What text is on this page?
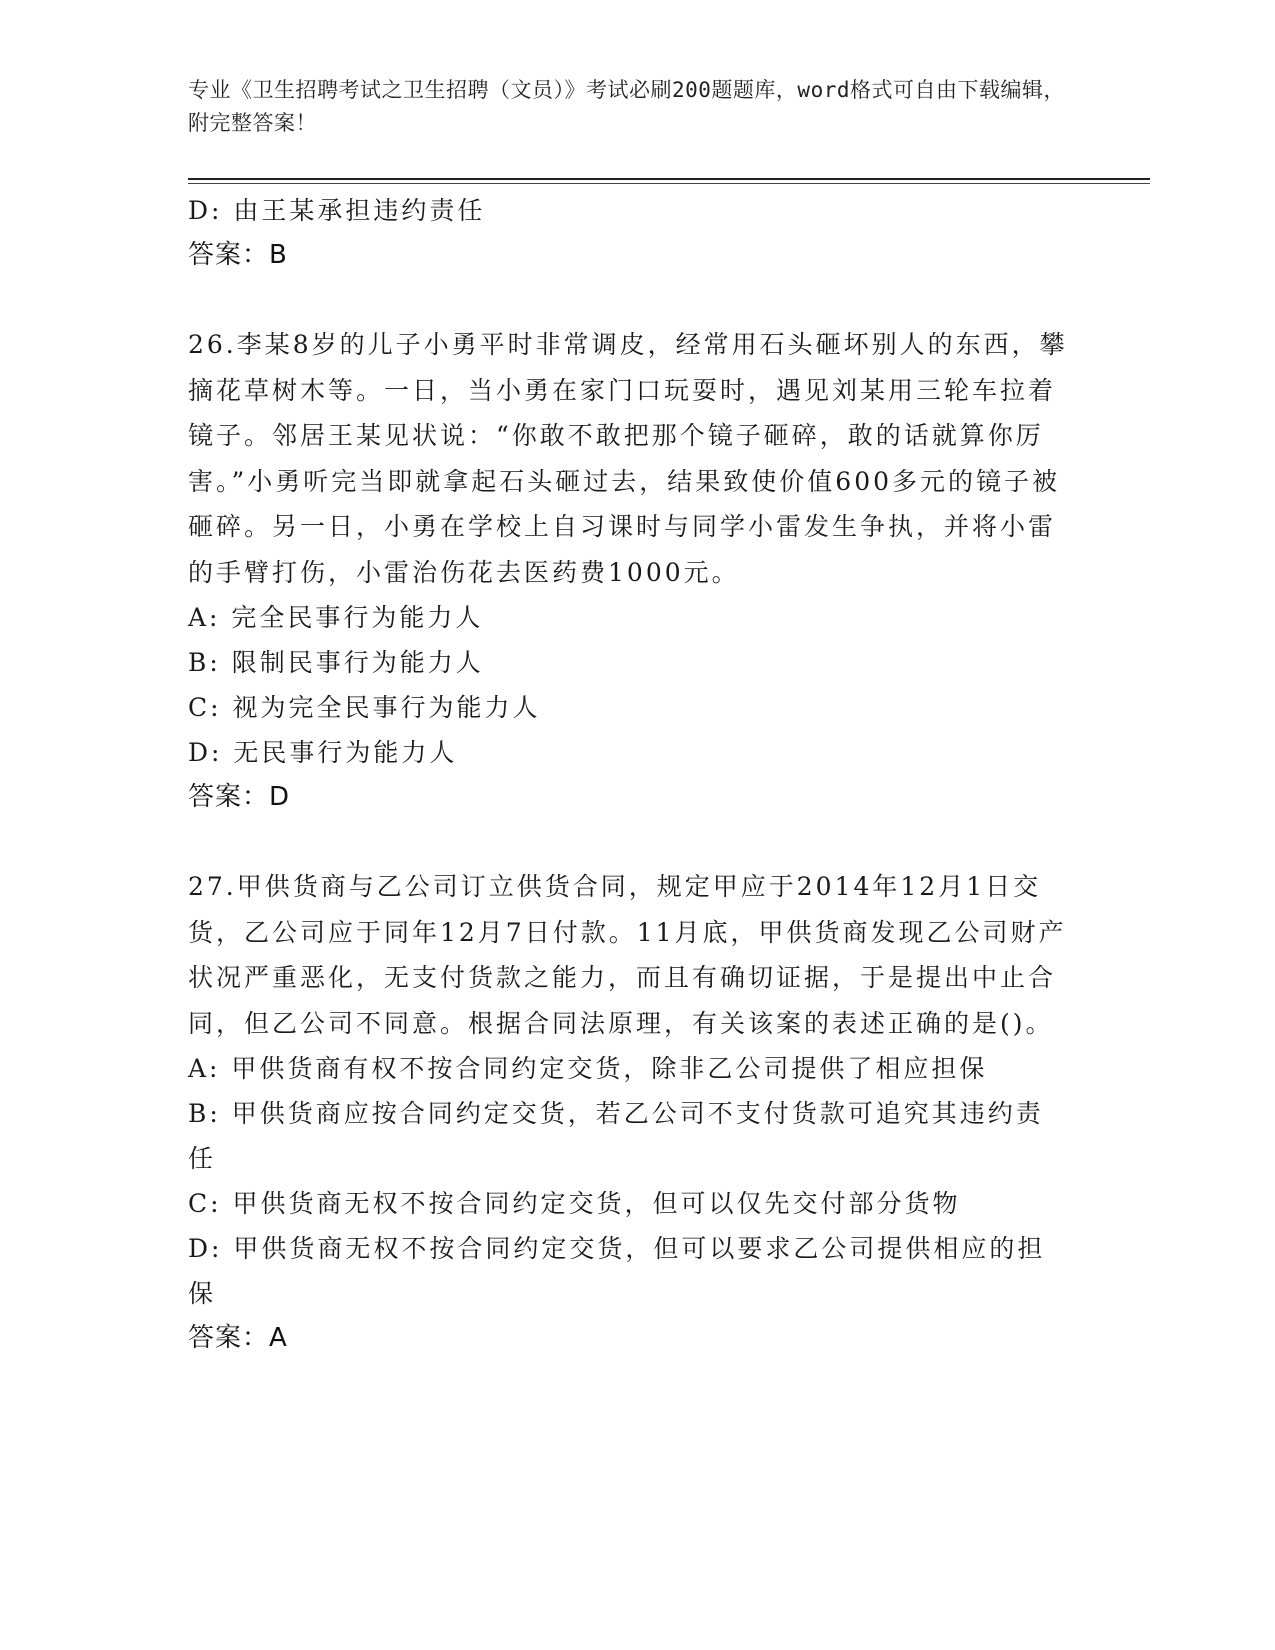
专业《卫生招聘考试之卫生招聘（文员）》考试必刷200题题库，word格式可自由下载编辑，附完整答案！
D: 由王某承担违约责任
答案：B
26.李某8岁的儿子小勇平时非常调皮，经常用石头砸坏别人的东西，攀摘花草树木等。一日，当小勇在家门口玩耍时，遇见刘某用三轮车拉着镜子。邻居王某见状说：“你敢不敢把那个镜子砸碎，敢的话就算你厉害。”小勇听完当即就拿起石头砸过去，结果致使价值600多元的镜子被砸碎。另一日，小勇在学校上自习课时与同学小雷发生争执，并将小雷的手臂打伤，小雷治伤花去医药费1000元。
A: 完全民事行为能力人
B: 限制民事行为能力人
C: 视为完全民事行为能力人
D: 无民事行为能力人
答案：D
27.甲供货商与乙公司订立供货合同，规定甲应于2014年12月1日交货，乙公司应于同年12月7日付款。11月底，甲供货商发现乙公司财产状况严重恶化，无支付货款之能力，而且有确切证据，于是提出中止合同，但乙公司不同意。根据合同法原理，有关该案的表述正确的是()。
A: 甲供货商有权不按合同约定交货，除非乙公司提供了相应担保
B: 甲供货商应按合同约定交货，若乙公司不支付货款可追究其违约责任
C: 甲供货商无权不按合同约定交货，但可以仅先交付部分货物
D: 甲供货商无权不按合同约定交货，但可以要求乙公司提供相应的担保
答案：A
